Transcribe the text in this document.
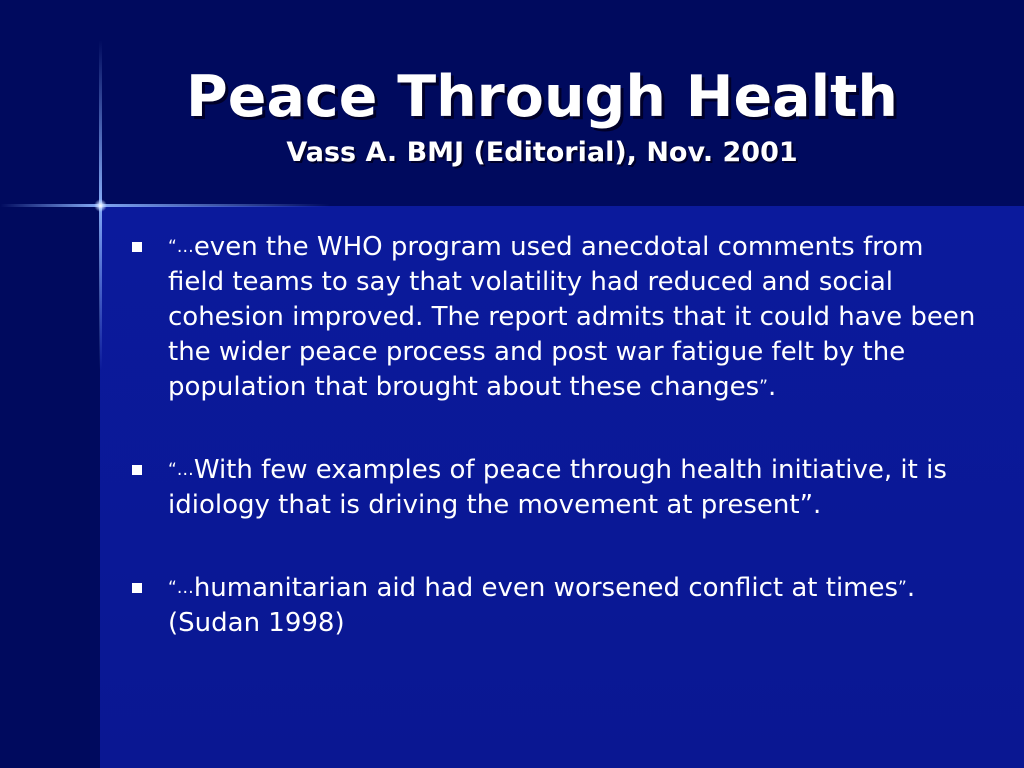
Peace Through Health
Vass A. BMJ (Editorial), Nov. 2001
“…even the WHO program used anecdotal comments from field teams to say that volatility had reduced and social cohesion improved. The report admits that it could have been the wider peace process and post war fatigue felt by the population that brought about these changes”.
“…With few examples of peace through health initiative, it is idiology that is driving the movement at present”.
“…humanitarian aid had even worsened conflict at times”. (Sudan 1998)
